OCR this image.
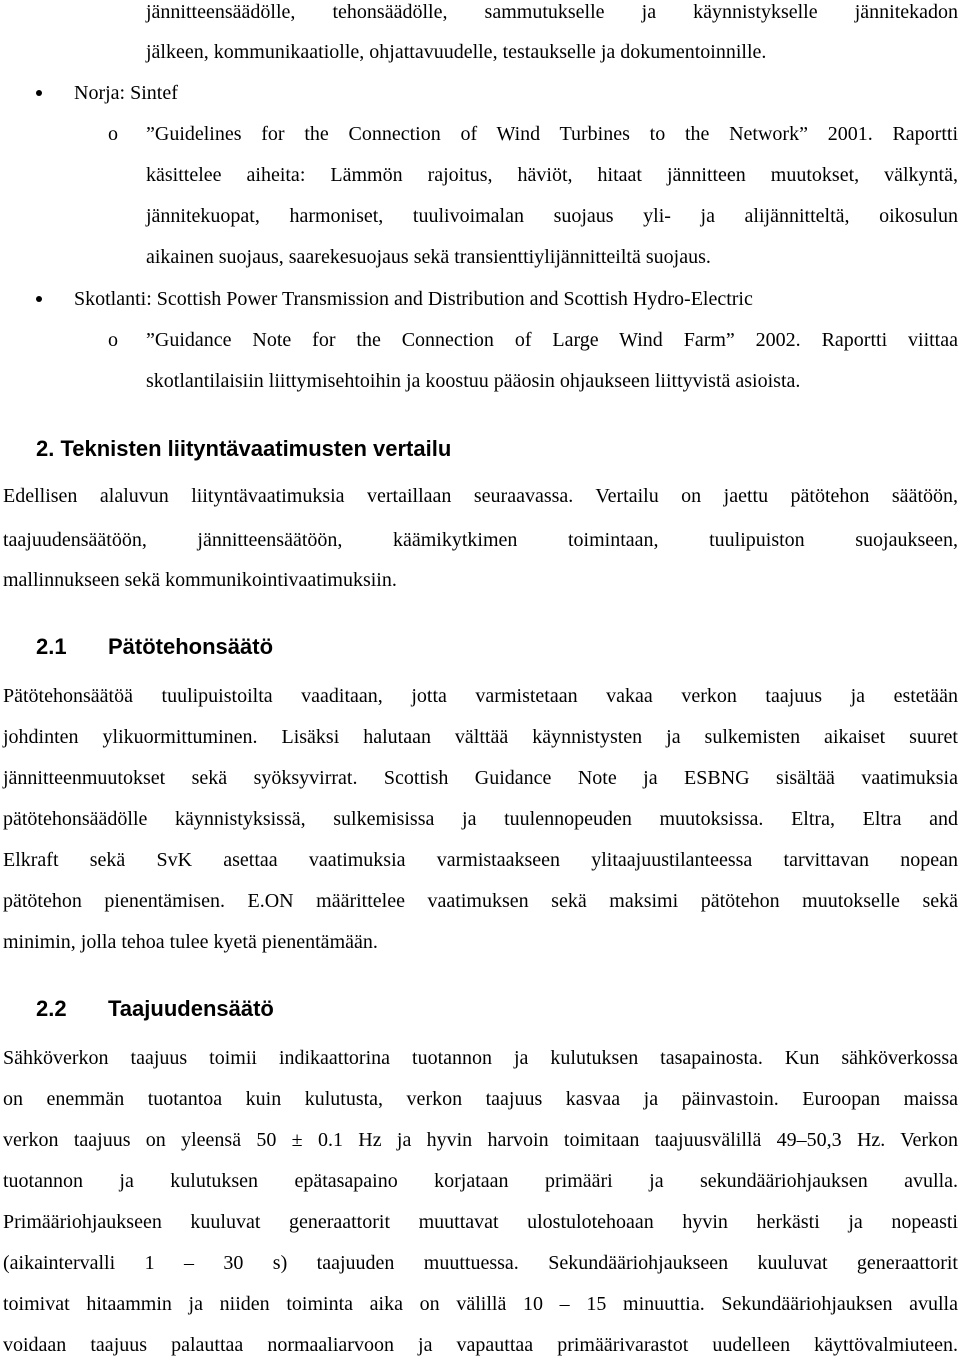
jännitteensäädölle, tehonsäädölle, sammutukselle ja käynnistykselle jännitekadon
jälkeen, kommunikaatiolle, ohjattavuudelle, testaukselle ja dokumentoinnille.
Norja: Sintef
o ”Guidelines for the Connection of Wind Turbines to the Network” 2001. Raportti
käsittelee aiheita: Lämmön rajoitus, häviöt, hitaat jännitteen muutokset, välkyntä,
jännitekuopat, harmoniset, tuulivoimalan suojaus yli- ja alijännitteltä, oikosulun
aikainen suojaus, saarekesuojaus sekä transienttiylijännitteiltä suojaus.
Skotlanti: Scottish Power Transmission and Distribution and Scottish Hydro-Electric
o ”Guidance Note for the Connection of Large Wind Farm” 2002. Raportti viittaa
skotlantilaisiin liittymisehtoihin ja koostuu pääosin ohjaukseen liittyvistä asioista.
2. Teknisten liityntävaatimusten vertailu
Edellisen alaluvun liityntävaatimuksia vertaillaan seuraavassa. Vertailu on jaettu pätötehon säätöön,
taajuudensäätöön, jännitteensäätöön, käämikytkimen toimintaan, tuulipuiston suojaukseen,
mallinnukseen sekä kommunikointivaatimuksiin.
2.1 Pätötehonsäätö
Pätötehonsäätöä tuulipuistoilta vaaditaan, jotta varmistetaan vakaa verkon taajuus ja estetään
johdinten ylikuormittuminen. Lisäksi halutaan välttää käynnistysten ja sulkemisten aikaiset suuret
jännitteenmuutokset sekä syöksyvirrat. Scottish Guidance Note ja ESBNG sisältää vaatimuksia
pätötehonsäädölle käynnistyksissä, sulkemisissa ja tuulennopeuden muutoksissa. Eltra, Eltra and
Elkraft sekä SvK asettaa vaatimuksia varmistaakseen ylitaajuustilanteessa tarvittavan nopean
pätötehon pienentämisen. E.ON määrittelee vaatimuksen sekä maksimi pätötehon muutokselle sekä
minimin, jolla tehoa tulee kyetä pienentämään.
2.2 Taajuudensäätö
Sähköverkon taajuus toimii indikaattorina tuotannon ja kulutuksen tasapainosta. Kun sähköverkossa
on enemmän tuotantoa kuin kulutusta, verkon taajuus kasvaa ja päinvastoin. Euroopan maissa
verkon taajuus on yleensä 50 ± 0.1 Hz ja hyvin harvoin toimitaan taajuusvälillä 49–50,3 Hz. Verkon
tuotannon ja kulutuksen epätasapaino korjataan primääri ja sekundääriohjauksen avulla.
Primääriohjaukseen kuuluvat generaattorit muuttavat ulostulotehoaan hyvin herkästi ja nopeasti
(aikaintervalli 1 – 30 s) taajuuden muuttuessa. Sekundääriohjaukseen kuuluvat generaattorit
toimivat hitaammin ja niiden toiminta aika on välillä 10 – 15 minuuttia. Sekundääriohjauksen avulla
voidaan taajuus palauttaa normaaliarvoon ja vapauttaa primäärivarastot uudelleen käyttövalmiuteen.
